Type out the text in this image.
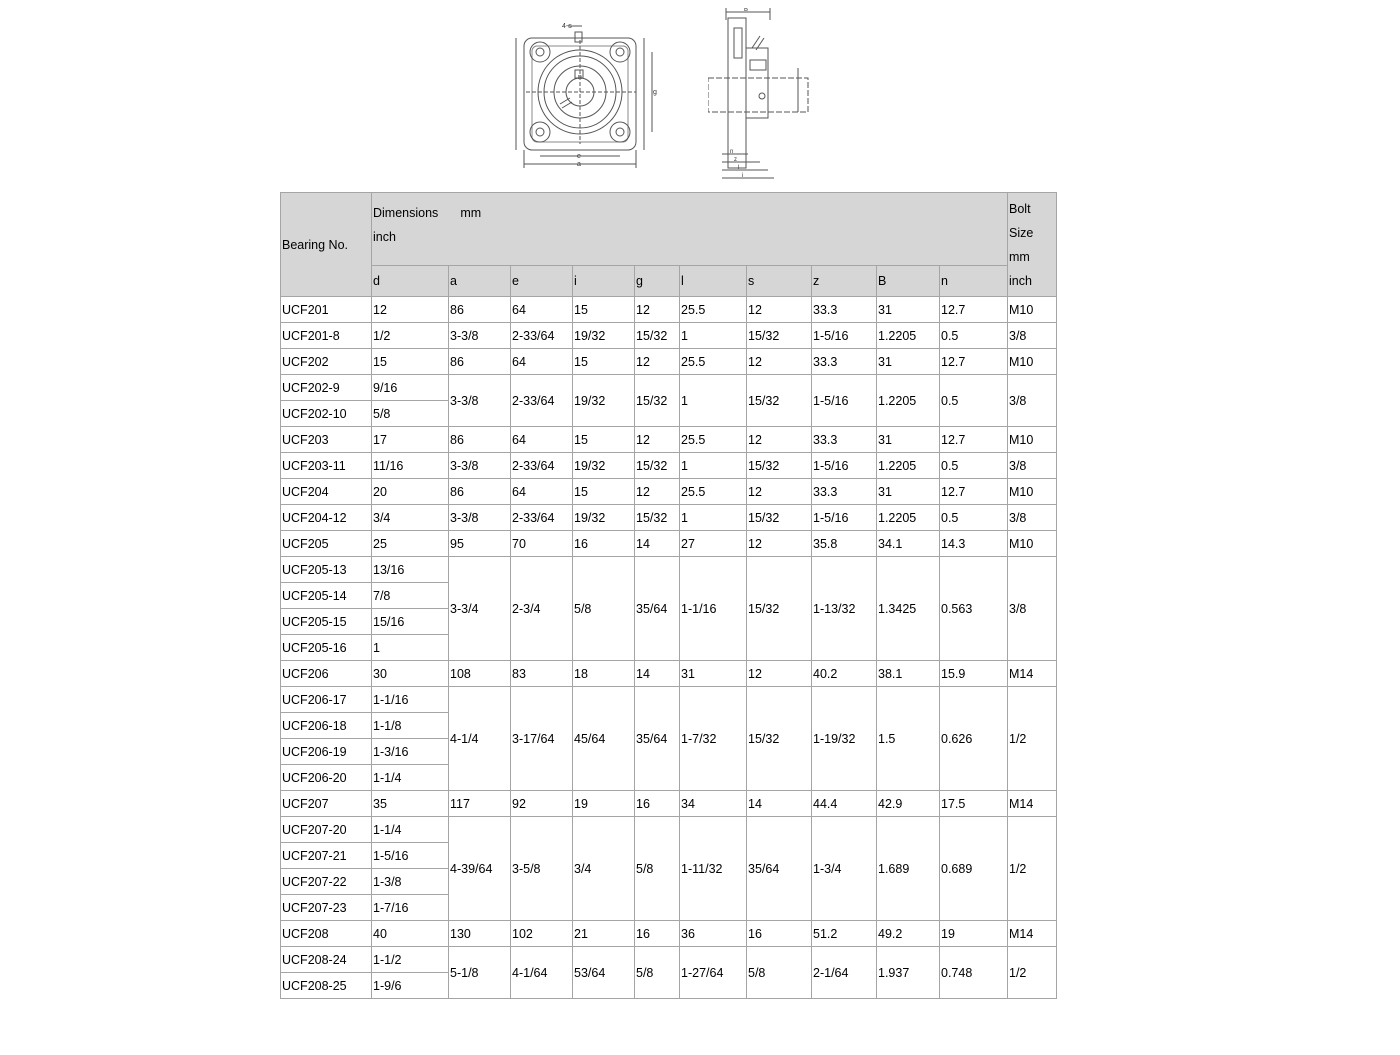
4-s
n
g
e
a
B
n
z
l
i
Bearing No.	Dimensions mm
inch										Bolt Size mm inch
	d	a	e	i	g	l	s	z	B	n	
UCF201	12	86	64	15	12	25.5	12	33.3	31	12.7	M10
UCF201-8	1/2	3-3/8	2-33/64	19/32	15/32	1	15/32	1-5/16	1.2205	0.5	3/8
UCF202	15	86	64	15	12	25.5	12	33.3	31	12.7	M10
UCF202-9	9/16	3-3/8	2-33/64	19/32	15/32	1	15/32	1-5/16	1.2205	0.5	3/8
UCF202-10	5/8										
UCF203	17	86	64	15	12	25.5	12	33.3	31	12.7	M10
UCF203-11	11/16	3-3/8	2-33/64	19/32	15/32	1	15/32	1-5/16	1.2205	0.5	3/8
UCF204	20	86	64	15	12	25.5	12	33.3	31	12.7	M10
UCF204-12	3/4	3-3/8	2-33/64	19/32	15/32	1	15/32	1-5/16	1.2205	0.5	3/8
UCF205	25	95	70	16	14	27	12	35.8	34.1	14.3	M10
UCF205-13	13/16	3-3/4	2-3/4	5/8	35/64	1-1/16	15/32	1-13/32	1.3425	0.563	3/8
UCF205-14	7/8										
UCF205-15	15/16										
UCF205-16	1										
UCF206	30	108	83	18	14	31	12	40.2	38.1	15.9	M14
UCF206-17	1-1/16	4-1/4	3-17/64	45/64	35/64	1-7/32	15/32	1-19/32	1.5	0.626	1/2
UCF206-18	1-1/8										
UCF206-19	1-3/16										
UCF206-20	1-1/4										
UCF207	35	117	92	19	16	34	14	44.4	42.9	17.5	M14
UCF207-20	1-1/4	4-39/64	3-5/8	3/4	5/8	1-11/32	35/64	1-3/4	1.689	0.689	1/2
UCF207-21	1-5/16										
UCF207-22	1-3/8										
UCF207-23	1-7/16										
UCF208	40	130	102	21	16	36	16	51.2	49.2	19	M14
UCF208-24	1-1/2	5-1/8	4-1/64	53/64	5/8	1-27/64	5/8	2-1/64	1.937	0.748	1/2
UCF208-25	1-9/6										
